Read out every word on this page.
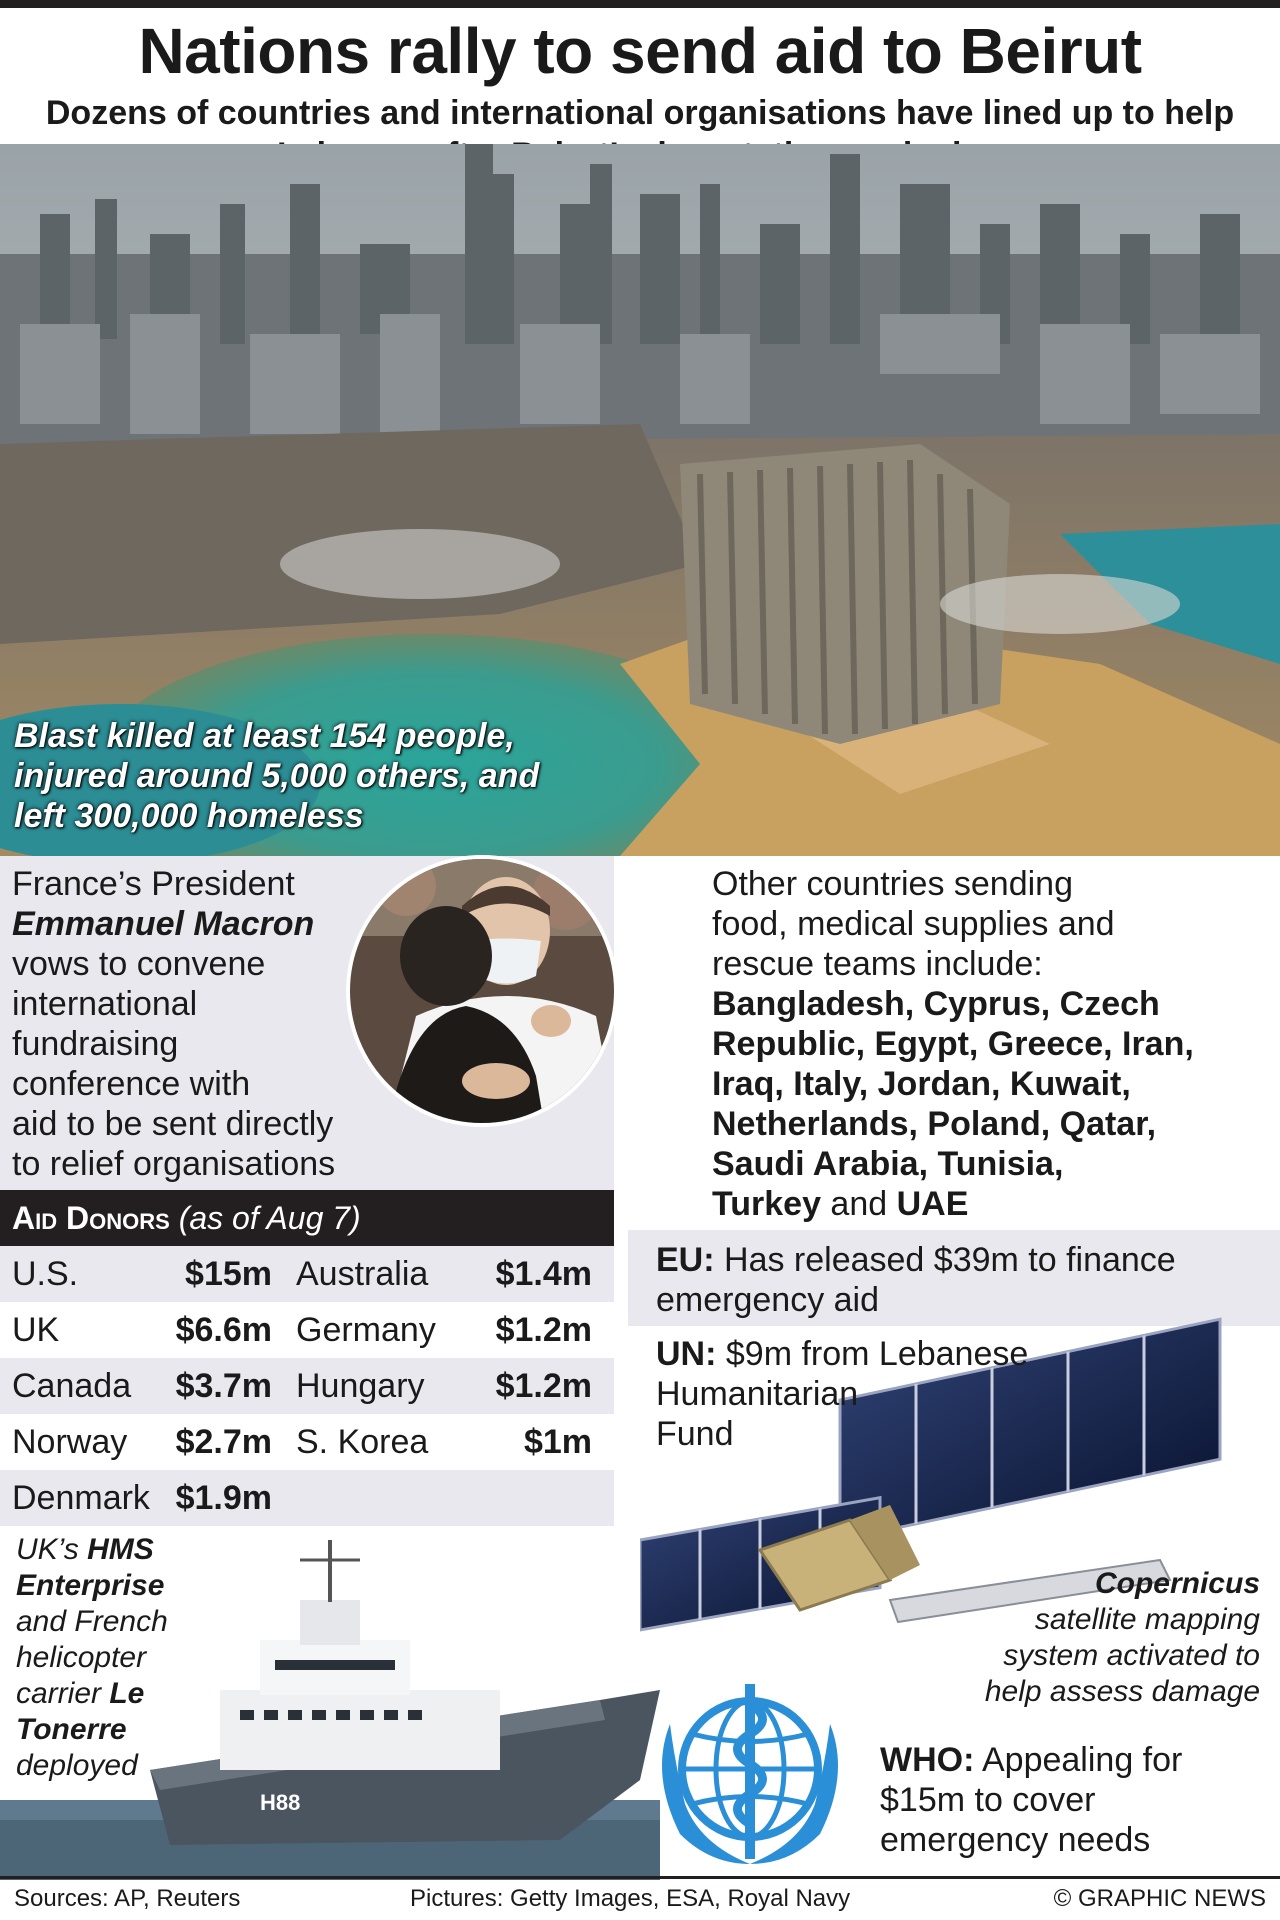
Nations rally to send aid to Beirut
Dozens of countries and international organisations have lined up to help
Blast killed at least 154 people,
injured around 5,000 others, and
left 300,000 homeless
France’s President
Emmanuel Macron
vows to convene
international
fundraising
conference with
aid to be sent directly
to relief organisations
Other countries sending
food, medical supplies and
rescue teams include:
Bangladesh, Cyprus, Czech
Republic, Egypt, Greece, Iran,
Iraq, Italy, Jordan, Kuwait,
Netherlands, Poland, Qatar,
Saudi Arabia, Tunisia,
Turkey and UAE
Aid Donors (as of Aug 7)
U.S.	$15m Australia $1.4m
UK	$6.6m Germany $1.2m
Canada	$3.7m Hungary $1.2m
Norway	$2.7m S. Korea	$1m
Denmark $1.9m
EU: Has released $39m to finance
emergency aid
UN: $9m from Lebanese
Humanitarian
Fund
Copernicus
satellite mapping
system activated to
help assess damage
H88
UK’s HMS
Enterprise
and French
helicopter
carrier Le
Tonerre
deployed	WHO: Appealing for
$15m to cover
emergency needs
Sources: AP, Reuters	Pictures: Getty Images, ESA, Royal Navy	© GRAPHIC NEWS
